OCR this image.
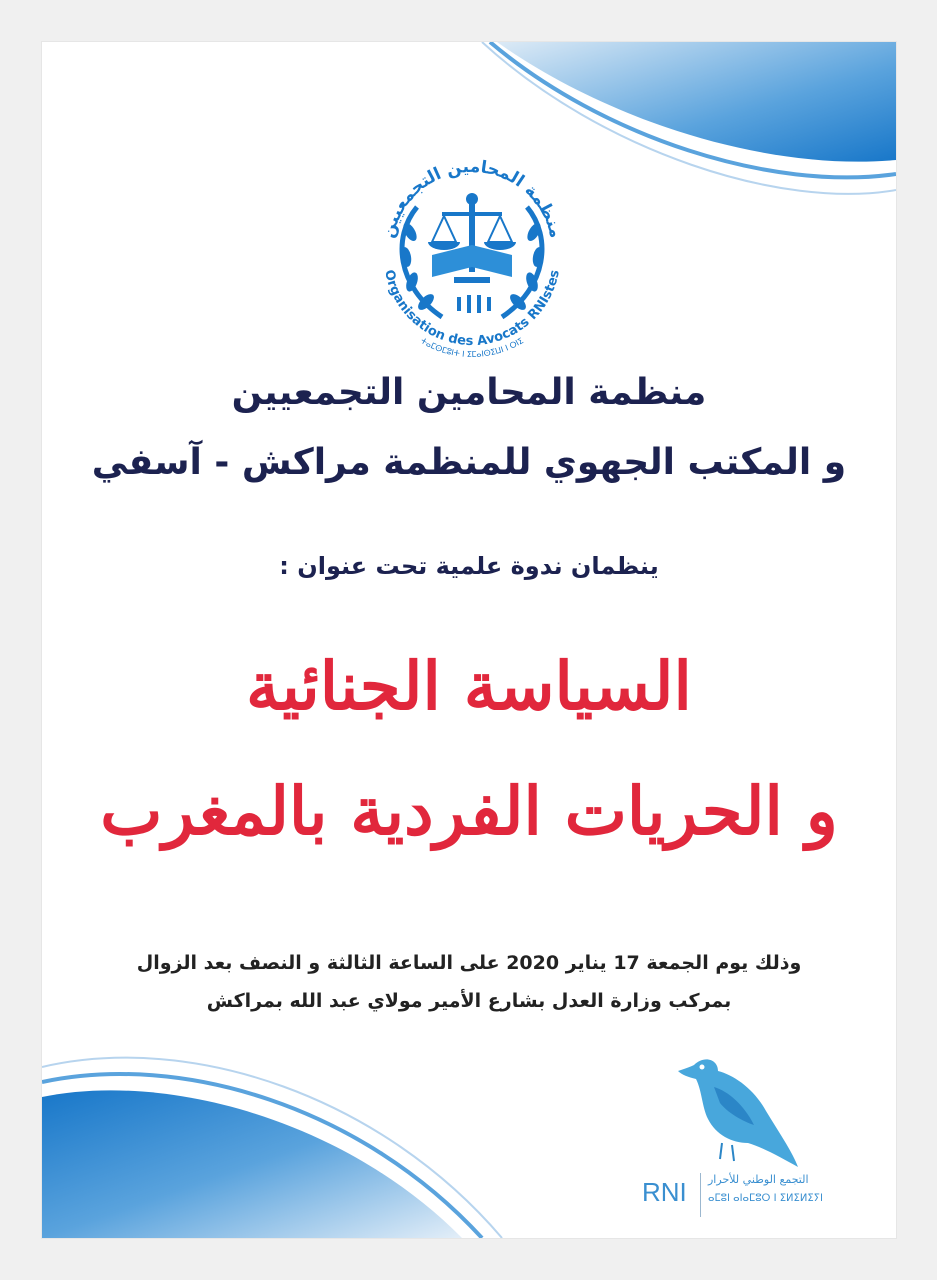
منظمة المحامين التجمعيين
Organisation des Avocats RNIstes
ⵜⴰⵎⵙⵎⵓⵏⵜ ⵏ ⵉⵎⴰⵏⵙⵉⵡⵏ ⵏ ⵔⵏⵉ

منظمة المحامين التجمعيين

و المكتب الجهوي للمنظمة مراكش - آسفي

ينظمان ندوة علمية تحت عنوان :

السياسة الجنائية

و الحريات الفردية بالمغرب

وذلك يوم الجمعة 17 يناير 2020 على الساعة الثالثة و النصف بعد الزوال

بمركب وزارة العدل بشارع الأمير مولاي عبد الله بمراكش

RNI التجمع الوطني للأحرار
ⴰⵎⵓⵏ ⴰⵏⴰⵎⵓⵔ ⵏ ⵉⵍⵉⵍⵉⵢⵏ
